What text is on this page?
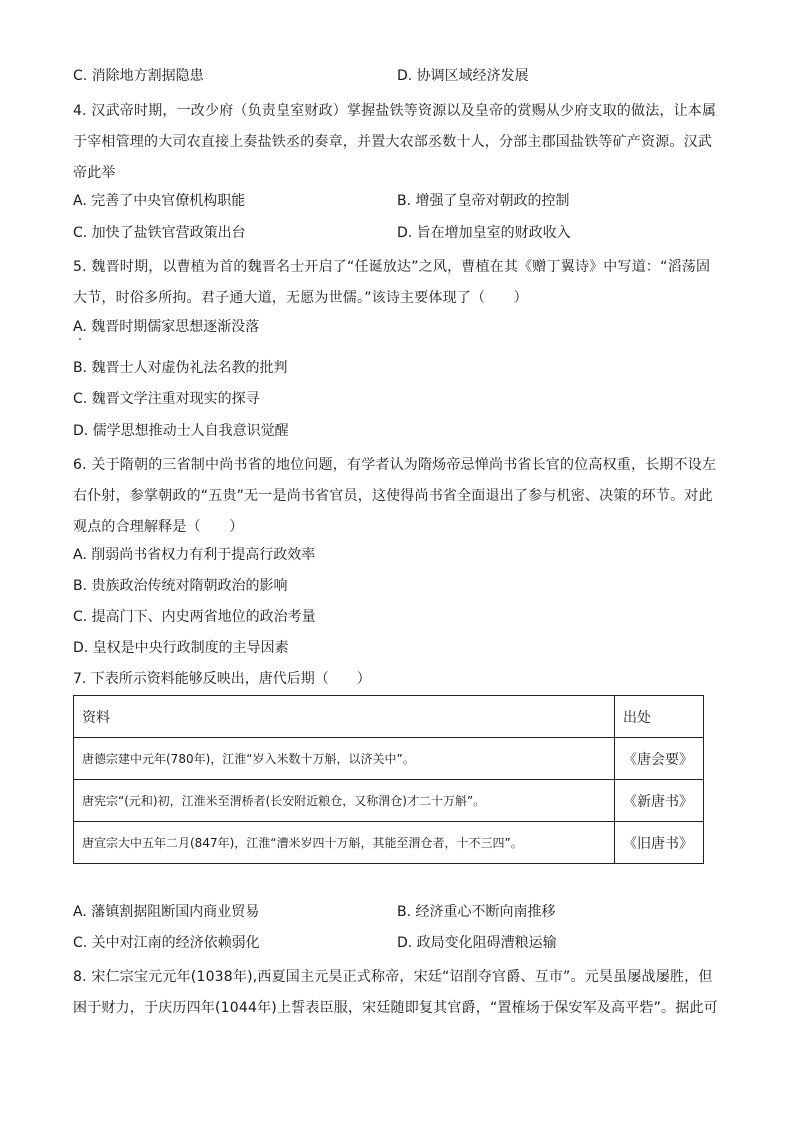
C. 消除地方割据隐患	D. 协调区域经济发展
4. 汉武帝时期，一改少府（负责皇室财政）掌握盐铁等资源以及皇帝的赏赐从少府支取的做法，让本属于宰相管理的大司农直接上奏盐铁丞的奏章，并置大农部丞数十人，分部主郡国盐铁等矿产资源。汉武帝此举
A. 完善了中央官僚机构职能	B. 增强了皇帝对朝政的控制
C. 加快了盐铁官营政策出台	D. 旨在增加皇室的财政收入
5. 魏晋时期，以曹植为首的魏晋名士开启了“任诞放达”之风，曹植在其《赠丁翼诗》中写道：“滔荡固大节，时俗多所拘。君子通大道，无愿为世儒。”该诗主要体现了（　　）
A. 魏晋时期儒家思想逐渐没落
B. 魏晋士人对虚伪礼法名教的批判
C. 魏晋文学注重对现实的探寻
D. 儒学思想推动士人自我意识觉醒
6. 关于隋朝的三省制中尚书省的地位问题，有学者认为隋炀帝忌惮尚书省长官的位高权重，长期不设左右仆射，参掌朝政的“五贵”无一是尚书省官员，这使得尚书省全面退出了参与机密、决策的环节。对此观点的合理解释是（　　）
A. 削弱尚书省权力有利于提高行政效率
B. 贵族政治传统对隋朝政治的影响
C. 提高门下、内史两省地位的政治考量
D. 皇权是中央行政制度的主导因素
7. 下表所示资料能够反映出，唐代后期（　　）
资料	出处
唐德宗建中元年(780年)，江淮“岁入米数十万斛，以济关中”。	《唐会要》
唐宪宗“(元和)初，江淮米至渭桥者(长安附近粮仓，又称渭仓)才二十万斛”。	《新唐书》
唐宣宗大中五年二月(847年)，江淮“漕米岁四十万斛，其能至渭仓者，十不三四”。	《旧唐书》
A. 藩镇割据阻断国内商业贸易	B. 经济重心不断向南推移
C. 关中对江南的经济依赖弱化	D. 政局变化阻碍漕粮运输
8. 宋仁宗宝元元年(1038年),西夏国主元昊正式称帝，宋廷“诏削夺官爵、互市”。元昊虽屡战屡胜，但困于财力，于庆历四年(1044年)上誓表臣服，宋廷随即复其官爵，“置榷场于保安军及高平砦”。据此可
